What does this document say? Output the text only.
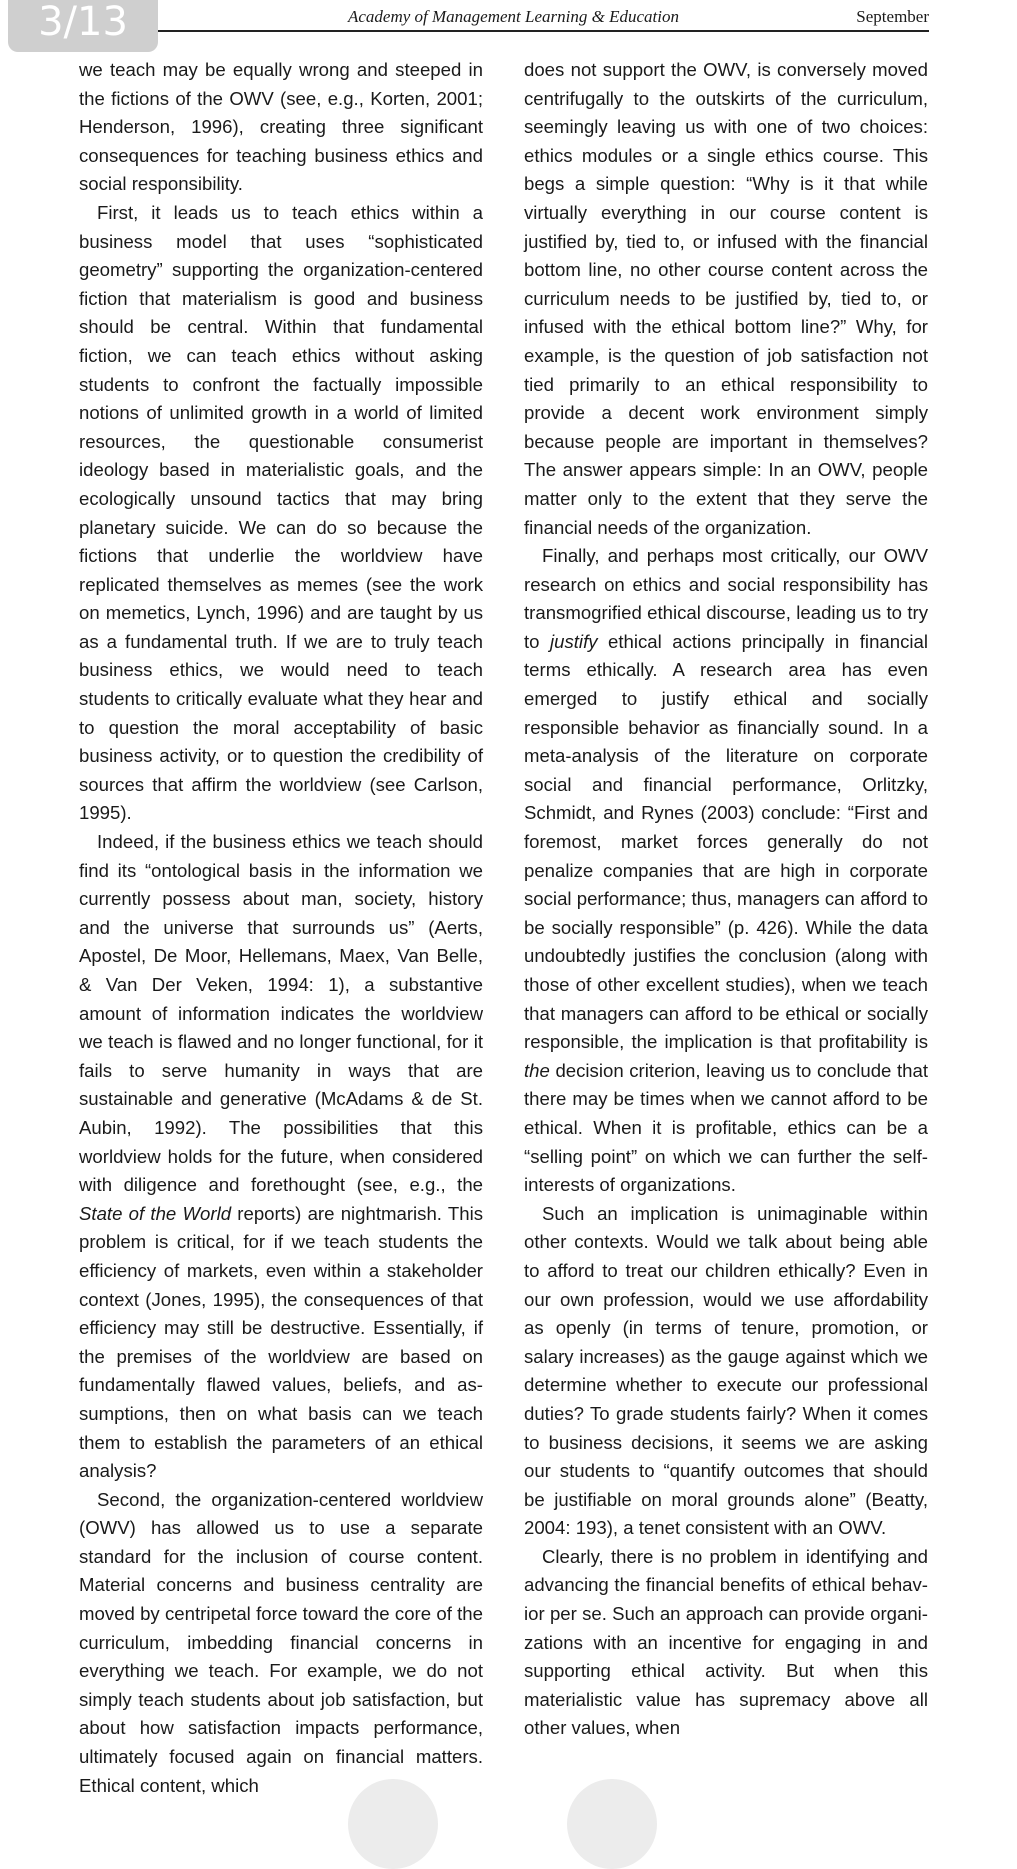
3/13	Academy of Management Learning & Education	September

we teach may be equally wrong and steeped in the fictions of the OWV (see, e.g., Korten, 2001; Henderson, 1996), creating three significant consequences for teaching business ethics and social responsibility.

First, it leads us to teach ethics within a business model that uses “sophisticated geometry” supporting the organization-centered fiction that materialism is good and business should be central. Within that fundamental fiction, we can teach ethics without asking students to confront the factually impossible notions of unlimited growth in a world of limited resources, the questionable consumerist ideology based in materialistic goals, and the ecologically unsound tactics that may bring planetary suicide. We can do so because the fictions that underlie the worldview have replicated themselves as memes (see the work on memetics, Lynch, 1996) and are taught by us as a fundamental truth. If we are to truly teach business ethics, we would need to teach students to critically evaluate what they hear and to question the moral acceptability of basic business activity, or to question the credibility of sources that affirm the worldview (see Carlson, 1995).

Indeed, if the business ethics we teach should find its “ontological basis in the information we currently possess about man, society, history and the universe that surrounds us” (Aerts, Apostel, De Moor, Hellemans, Maex, Van Belle, & Van Der Veken, 1994: 1), a substantive amount of information indicates the worldview we teach is flawed and no longer functional, for it fails to serve humanity in ways that are sustainable and generative (McAdams & de St. Aubin, 1992). The possibilities that this worldview holds for the future, when considered with diligence and forethought (see, e.g., the State of the World reports) are nightmarish. This problem is critical, for if we teach students the efficiency of markets, even within a stakeholder context (Jones, 1995), the consequences of that efficiency may still be destructive. Essentially, if the premises of the worldview are based on fundamentally flawed values, beliefs, and assumptions, then on what basis can we teach them to establish the parameters of an ethical analysis?

Second, the organization-centered worldview (OWV) has allowed us to use a separate standard for the inclusion of course content. Material concerns and business centrality are moved by centripetal force toward the core of the curriculum, imbedding financial concerns in everything we teach. For example, we do not simply teach students about job satisfaction, but about how satisfaction impacts performance, ultimately focused again on financial matters. Ethical content, which

does not support the OWV, is conversely moved centrifugally to the outskirts of the curriculum, seemingly leaving us with one of two choices: ethics modules or a single ethics course. This begs a simple question: “Why is it that while virtually everything in our course content is justified by, tied to, or infused with the financial bottom line, no other course content across the curriculum needs to be justified by, tied to, or infused with the ethical bottom line?” Why, for example, is the question of job satisfaction not tied primarily to an ethical responsibility to provide a decent work environment simply because people are important in themselves? The answer appears simple: In an OWV, people matter only to the extent that they serve the financial needs of the organization.

Finally, and perhaps most critically, our OWV research on ethics and social responsibility has transmogrified ethical discourse, leading us to try to justify ethical actions principally in financial terms ethically. A research area has even emerged to justify ethical and socially responsible behavior as financially sound. In a meta-analysis of the literature on corporate social and financial performance, Orlitzky, Schmidt, and Rynes (2003) conclude: “First and foremost, market forces generally do not penalize companies that are high in corporate social performance; thus, managers can afford to be socially responsible” (p. 426). While the data undoubtedly justifies the conclusion (along with those of other excellent studies), when we teach that managers can afford to be ethical or socially responsible, the implication is that profitability is the decision criterion, leaving us to conclude that there may be times when we cannot afford to be ethical. When it is profitable, ethics can be a “selling point” on which we can further the self-interests of organizations.

Such an implication is unimaginable within other contexts. Would we talk about being able to afford to treat our children ethically? Even in our own profession, would we use affordability as openly (in terms of tenure, promotion, or salary increases) as the gauge against which we determine whether to execute our professional duties? To grade students fairly? When it comes to business decisions, it seems we are asking our students to “quantify outcomes that should be justifiable on moral grounds alone” (Beatty, 2004: 193), a tenet consistent with an OWV.

Clearly, there is no problem in identifying and advancing the financial benefits of ethical behavior per se. Such an approach can provide organizations with an incentive for engaging in and supporting ethical activity. But when this materialistic value has supremacy above all other values, when
